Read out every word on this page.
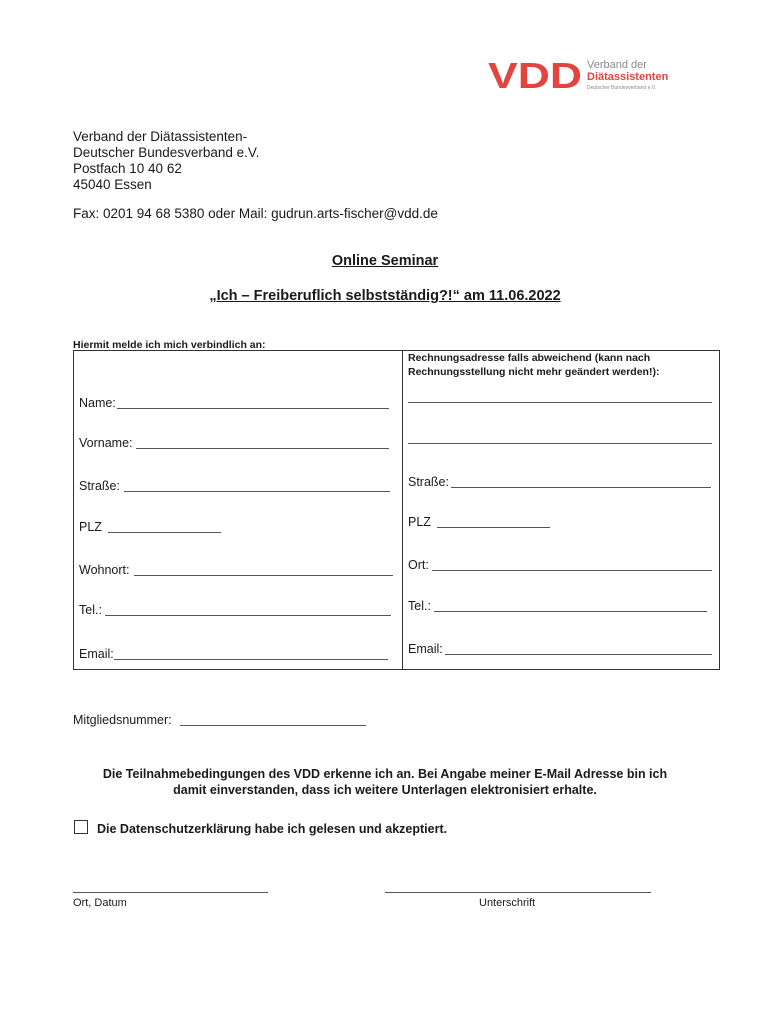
VDD Verband der
Diätassistenten
Deutscher Bundesverband e.V.
Verband der Diätassistenten-
Deutscher Bundesverband e.V.
Postfach 10 40 62
45040 Essen
Fax: 0201 94 68 5380 oder Mail: gudrun.arts-fischer@vdd.de
Online Seminar
„Ich – Freiberuflich selbstständig?!“ am 11.06.2022
Hiermit melde ich mich verbindlich an:
Rechnungsadresse falls abweichend (kann nach Rechnungsstellung nicht mehr geändert werden!):
Name:
Vorname:
Straße:
PLZ
Wohnort:
Tel.:
Email:
Straße:
PLZ
Ort:
Tel.:
Email:
Mitgliedsnummer:
Die Teilnahmebedingungen des VDD erkenne ich an. Bei Angabe meiner E-Mail Adresse bin ich
damit einverstanden, dass ich weitere Unterlagen elektronisiert erhalte.
Die Datenschutzerklärung habe ich gelesen und akzeptiert.
Ort, Datum	Unterschrift
